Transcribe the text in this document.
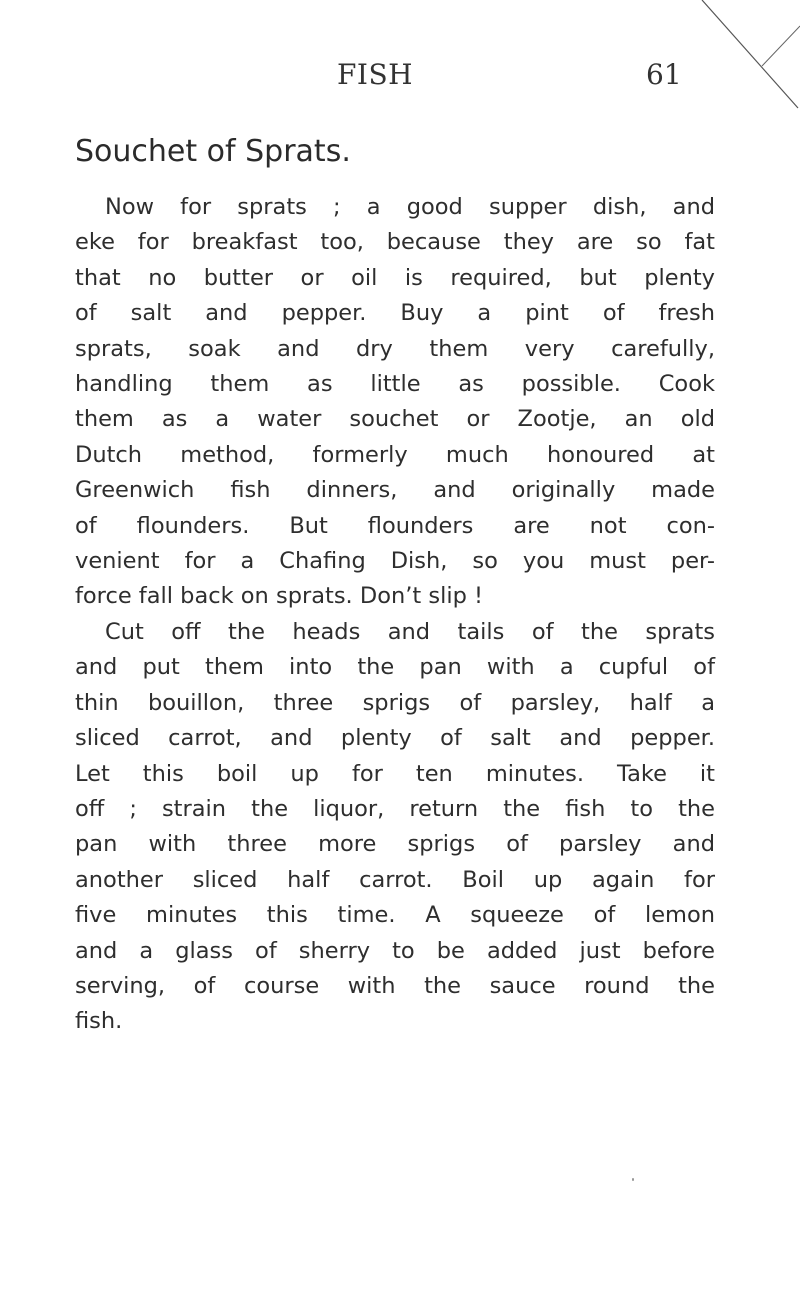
FISH	61
Souchet of Sprats.

Now for sprats ; a good supper dish, and
eke for breakfast too, because they are so fat
that no butter or oil is required, but plenty
of salt and pepper. Buy a pint of fresh
sprats, soak and dry them very carefully,
handling them as little as possible. Cook
them as a water souchet or Zootje, an old
Dutch method, formerly much honoured at
Greenwich fish dinners, and originally made
of flounders. But flounders are not con-
venient for a Chafing Dish, so you must per-
force fall back on sprats. Don’t slip !

Cut off the heads and tails of the sprats
and put them into the pan with a cupful of
thin bouillon, three sprigs of parsley, half a
sliced carrot, and plenty of salt and pepper.
Let this boil up for ten minutes. Take it
off ; strain the liquor, return the fish to the
pan with three more sprigs of parsley and
another sliced half carrot. Boil up again for
five minutes this time. A squeeze of lemon
and a glass of sherry to be added just before
serving, of course with the sauce round the
fish.
